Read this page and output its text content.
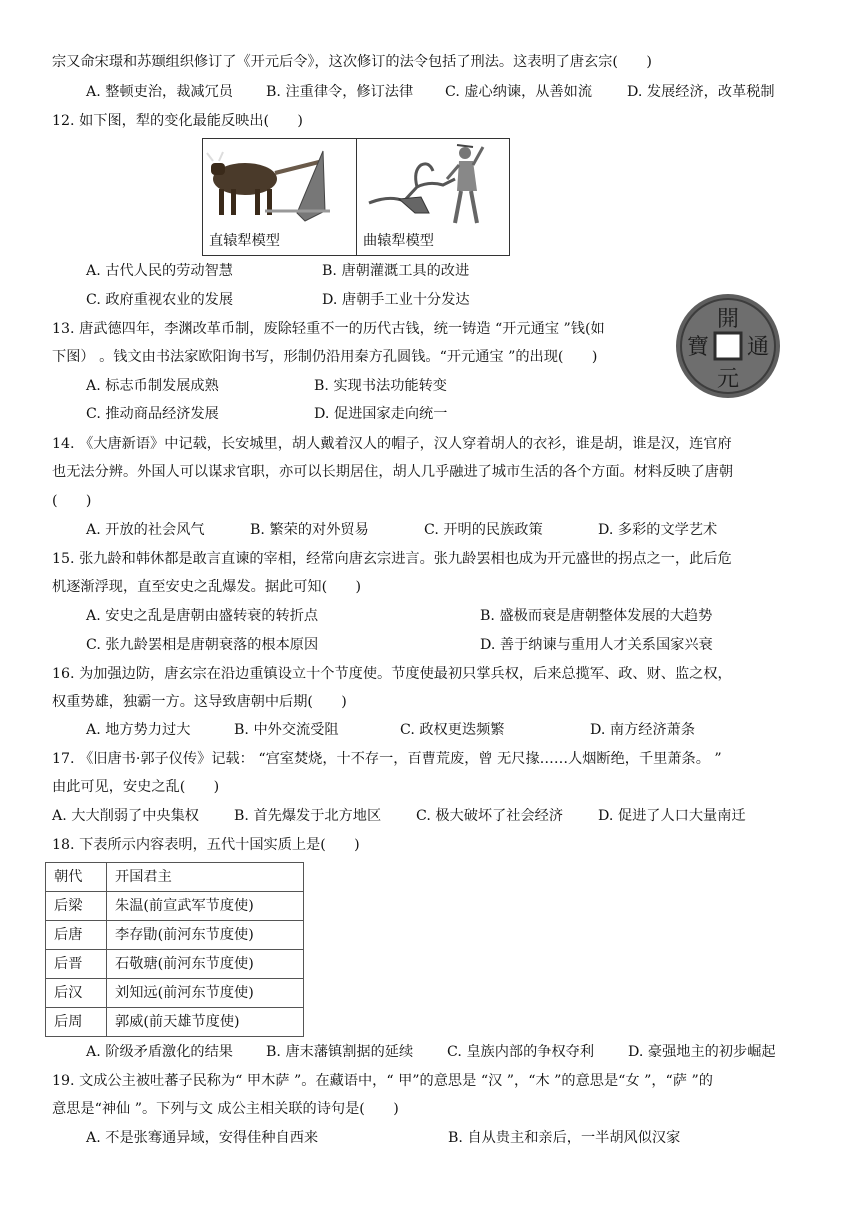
宗又命宋璟和苏颋组织修订了《开元后令》，这次修订的法令包括了刑法。这表明了唐玄宗(　　)
A. 整顿吏治，裁减冗员 B. 注重律令，修订法律 C. 虚心纳谏，从善如流 D. 发展经济，改革税制
12. 如下图，犁的变化最能反映出(　　)
直辕犁模型	曲辕犁模型
A. 古代人民的劳动智慧	B. 唐朝灌溉工具的改进
C. 政府重视农业的发展	D. 唐朝手工业十分发达
13. 唐武德四年，李渊改革币制，废除轻重不一的历代古钱，统一铸造 “开元通宝 ”钱(如
下图） 。钱文由书法家欧阳询书写，形制仍沿用秦方孔圆钱。“开元通宝 ”的出现(　　)
A. 标志币制发展成熟	B. 实现书法功能转变
C. 推动商品经济发展	D. 促进国家走向统一
開
元
通
寶
14. 《大唐新语》中记载，长安城里，胡人戴着汉人的帽子，汉人穿着胡人的衣衫，谁是胡，谁是汉，连官府
也无法分辨。外国人可以谋求官职，亦可以长期居住，胡人几乎融进了城市生活的各个方面。材料反映了唐朝
(　　)
A. 开放的社会风气	B. 繁荣的对外贸易	C. 开明的民族政策	D. 多彩的文学艺术
15. 张九龄和韩休都是敢言直谏的宰相，经常向唐玄宗进言。张九龄罢相也成为开元盛世的拐点之一，此后危
机逐渐浮现，直至安史之乱爆发。据此可知(　　)
A. 安史之乱是唐朝由盛转衰的转折点	B. 盛极而衰是唐朝整体发展的大趋势
C. 张九龄罢相是唐朝衰落的根本原因	D. 善于纳谏与重用人才关系国家兴衰
16. 为加强边防，唐玄宗在沿边重镇设立十个节度使。节度使最初只掌兵权，后来总揽军、政、财、监之权，
权重势雄，独霸一方。这导致唐朝中后期(　　)
A. 地方势力过大	B. 中外交流受阻	C. 政权更迭频繁	D. 南方经济萧条
17. 《旧唐书·郭子仪传》记载： “宫室焚烧，十不存一，百曹荒废，曾 无尺掾……人烟断绝，千里萧条。 ”
由此可见，安史之乱(　　)
A. 大大削弱了中央集权 B. 首先爆发于北方地区 C. 极大破坏了社会经济 D. 促进了人口大量南迁
18. 下表所示内容表明，五代十国实质上是(　　)
朝代	开国君主
后梁	朱温(前宣武军节度使)
后唐	李存勖(前河东节度使)
后晋	石敬瑭(前河东节度使)
后汉	刘知远(前河东节度使)
后周	郭威(前天雄节度使)
A. 阶级矛盾激化的结果 B. 唐末藩镇割据的延续 C. 皇族内部的争权夺利 D. 豪强地主的初步崛起
19. 文成公主被吐蕃子民称为“ 甲木萨 ”。在藏语中，“ 甲”的意思是 “汉 ”，“木 ”的意思是“女 ”，“萨 ”的
意思是“神仙 ”。下列与文 成公主相关联的诗句是(　　)
A. 不是张骞通异域，安得佳种自西来	B. 自从贵主和亲后，一半胡风似汉家
